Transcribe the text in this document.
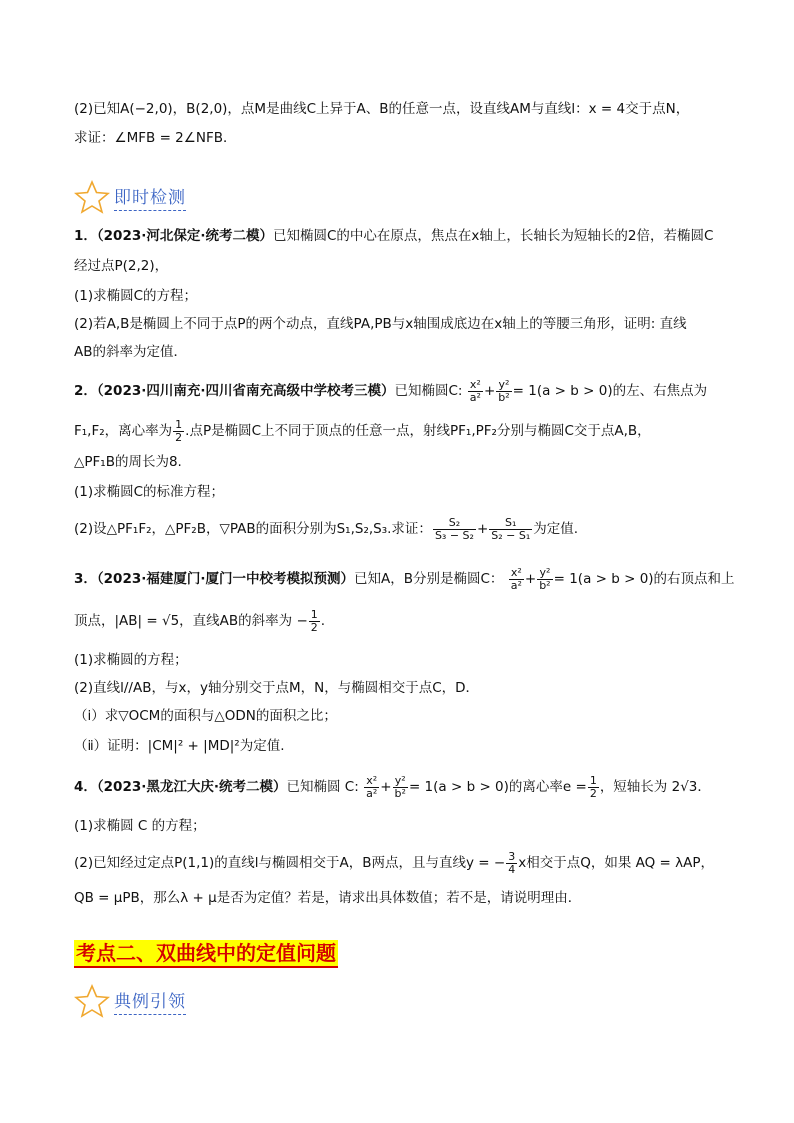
(2)已知A(−2,0)，B(2,0)，点M是曲线C上异于A、B的任意一点，设直线AM与直线l：x = 4交于点N，
求证：∠MFB = 2∠NFB．
即时检测
1．（2023·河北保定·统考二模）已知椭圆C的中心在原点，焦点在x轴上，长轴长为短轴长的2倍，若椭圆C
经过点P(2,2)，
(1)求椭圆C的方程；
(2)若A,B是椭圆上不同于点P的两个动点，直线PA,PB与x轴围成底边在x轴上的等腰三角形，证明: 直线
AB的斜率为定值．
2．（2023·四川南充·四川省南充高级中学校考三模）已知椭圆C: $\frac{\text{x²}}{\text{a²}} + \frac{\text{y²}}{\text{b²}} = 1(a > b > 0)$的左、右焦点为
F₁,F₂，离心率为 $\frac{1}{2}$ .点P是椭圆C上不同于顶点的任意一点，射线PF₁,PF₂分别与椭圆C交于点A,B，
△PF₁B的周长为8.
(1)求椭圆C的标准方程；
(2)设△PF₁F₂，△PF₂B，▽PAB的面积分别为S₁,S₂,S₃.求证： $\frac{\text{S₂}}{\text{S₃ − S₂}} + \frac{\text{S₁}}{\text{S₂ − S₁}}$ 为定值.
3．（2023·福建厦门·厦门一中校考模拟预测）已知A，B分别是椭圆C： $\frac{\text{x²}}{\text{a²}} + \frac{\text{y²}}{\text{b²}} = 1(a > b > 0)$的右顶点和上
顶点，|AB| = √5，直线AB的斜率为 − $\frac{1}{2}$ .
(1)求椭圆的方程；
(2)直线l//AB，与x，y轴分别交于点M，N，与椭圆相交于点C，D．
（i）求▽OCM的面积与△ODN的面积之比；
（ⅱ）证明：|CM|² + |MD|²为定值.
4．（2023·黑龙江大庆·统考二模）已知椭圆 C: $\frac{\text{x²}}{\text{a²}} + \frac{\text{y²}}{\text{b²}} = 1(a > b > 0)$的离心率$e = \frac{1}{2}$ ，短轴长为 2√3．
(1)求椭圆 C 的方程；
(2)已知经过定点P(1,1)的直线l与椭圆相交于A，B两点，且与直线y = − $\frac{3}{4}$ x相交于点Q，如果 AQ = λAP，
QB = μPB，那么λ + μ是否为定值？若是，请求出具体数值；若不是，请说明理由．
考点二、双曲线中的定值问题
典例引领
